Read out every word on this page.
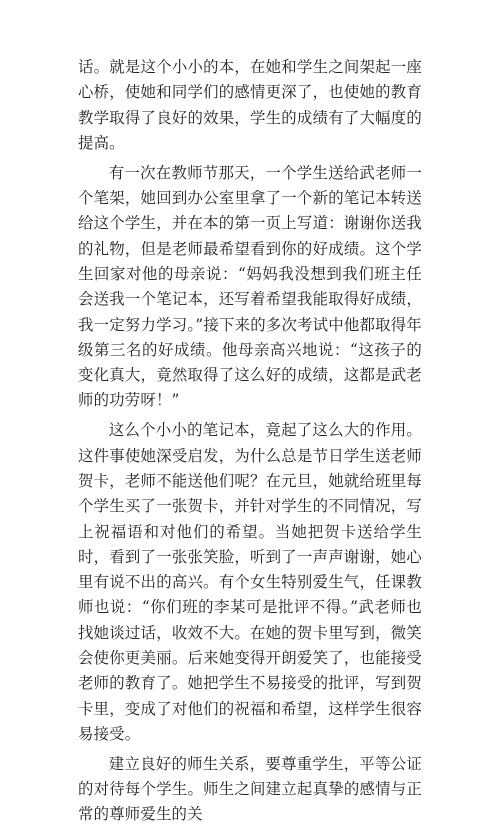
话。就是这个小小的本，在她和学生之间架起一座心桥，使她和同学们的感情更深了，也使她的教育教学取得了良好的效果，学生的成绩有了大幅度的提高。

有一次在教师节那天，一个学生送给武老师一个笔架，她回到办公室里拿了一个新的笔记本转送给这个学生，并在本的第一页上写道：谢谢你送我的礼物，但是老师最希望看到你的好成绩。这个学生回家对他的母亲说：“妈妈我没想到我们班主任会送我一个笔记本，还写着希望我能取得好成绩，我一定努力学习。”接下来的多次考试中他都取得年级第三名的好成绩。他母亲高兴地说：“这孩子的变化真大，竟然取得了这么好的成绩，这都是武老师的功劳呀！”

这么个小小的笔记本，竟起了这么大的作用。这件事使她深受启发，为什么总是节日学生送老师贺卡，老师不能送他们呢？在元旦，她就给班里每个学生买了一张贺卡，并针对学生的不同情况，写上祝福语和对他们的希望。当她把贺卡送给学生时，看到了一张张笑脸，听到了一声声谢谢，她心里有说不出的高兴。有个女生特别爱生气，任课教师也说：“你们班的李某可是批评不得。”武老师也找她谈过话，收效不大。在她的贺卡里写到，微笑会使你更美丽。后来她变得开朗爱笑了，也能接受老师的教育了。她把学生不易接受的批评，写到贺卡里，变成了对他们的祝福和希望，这样学生很容易接受。

建立良好的师生关系，要尊重学生，平等公证的对待每个学生。师生之间建立起真挚的感情与正常的尊师爱生的关
